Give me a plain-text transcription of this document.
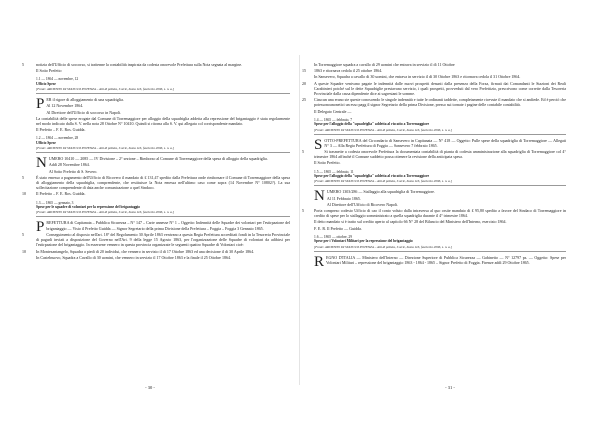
5	notizia dell'Ufficio di soccorso, si trattenne la contabilità inspirata da codesta onorevole Prefettura sulla Nota segnata al margine.

Il Sotto Prefetto

1.1 — 1864 — novembre, 12
Ufficio Spese

[Fonte: ARCHIVIO DI STATO DI POTENZA – Atti di polizia, I serie, busta 116, fascicolo 2096, s. n. a.]

PER il rigore di alloggiamento di una squadriglia.

Al 12 Novembre 1864.

Al Direttore dell'Ufficio di soccorso in Napoli.

La contabilità delle spese erogate dal Comune di Torremaggiore per alloggio della squadriglia addetta alla repressione del brigantaggio è stata regolarmente nel modo indicato dalla S. V. nella nota 28 Ottobre N° 10410. Quindi si ritorna alla S. V. qui allegata col corrispondente mandato.

Il Prefetto – F. E. Ros. Guidda.

1.2 — 1864 — novembre, 28
Ufficio Spese

[Fonte: ARCHIVIO DI STATO DI POTENZA – Atti di polizia, I serie, busta 116, fascicolo 2096, s. n. a.]

NUMERO 10410 — 2085 — IV Divisione – 2° sezione – Rimborso al Comune di Torremaggiore della spesa di alloggio della squadriglia.

Addì 28 Novembre 1864.

Al Sotto Prefetto di S. Severo.

5	È stato emesso a pagamento dell'Ufficio di Ricovero il mandato di £ 131,47 spedito dalla Prefettura onde rimborsare il Comune di Torremaggiore della spesa di alloggiamento della squadriglia, comprendente, che restituisce la Nota emessa nell'ultimo caso come sopra (14 Novembre N° 10802?). La sua sollecitazione comprendente di data anche comunicazione a quel Sindaco.

10	Il Prefetto – F. E. Ros. Guidda.

1.3 — 1865 — gennaio, 3
Spese per le squadre di volontari per la repressione del brigantaggio

[Fonte: ARCHIVIO DI STATO DI POTENZA – Atti di polizia, I serie, busta 116, fascicolo 2096, s. n. a.]

PREFETTURA di Capitanata – Pubblica Sicurezza – N° 147 – Carte annesse N° 1 – Oggetto: Indennità delle Squadre dei volontari per l'estirpazione del brigantaggio — Visto il Prefetto Guidda — Signor Segretario della prima Divisione della Prefettura – Foggia – Foggia 3 Gennaio 1865.

5	Conseguimento al disposto nell'art. 18° del Regolamento 30 Aprile 1863 venivano a questa Regia Prefettura accreditati fondi in la Tesoreria Provinciale di pagarli inviati a disposizione del Governo nell'Art. 9 della legge 15 Agosto 1863, per l'organizzazione delle Squadre di volontari da adibirsi per l'estirpazione del brigantaggio. In essersene vennero in questa provincia organizzate le seguenti quattro Squadre di Volontari cioè:

10	In Montesantangelo, Squadra a piedi di 20 individui, che vennero in servizio il di 17 Ottobre 1863 ed una decisione il di 30 Aprile 1864.

In Castelnuovo, Squadra a Cavallo di 30 uomini, che vennero in servizio il 17 Ottobre 1863 e la finale il 25 Ottobre 1864.

- 30 -

In Torremaggiore squadra a cavallo di 29 uomini che entrava in servizio il dì 11 Ottobre

15 1863 e ritornava cedola il 25 ottobre 1864.

In Sansevero, Squadra a cavallo di 30 uomini, che entrava in servizio il dì 30 Ottobre 1863 e ritornava cedola il 31 Ottobre 1864.

20 A queste Squadre venivano pagate le indennità dalle nuovi prospetti desunti dalla presenza della Forza, firmati dai Comandanti le Stazioni dei Reali Carabinieri poiché sul le dette Squadriglie prestavano servizio, i quali prospetti, provveduti dal vero Prefettizio, prescrivono come corrette dalla Tesoreria Provinciale dalla cassa dipendente dice ai sagrestani le somme.

25 Ciascun una erano ste queste conoscendo le singole indennità e tutte le ordinanti taddette, completamente ricevute il mandato che si andiede. Ed è perciò che potessonoanonetici un esso pagg il signor Segretario della prima Divisione, presso sui tornate i pagine delle contabile contabilità.

Il Delegato Centrale —

1.4 — 1865 — febbraio, 7
Spese per l'alloggio della "squadriglia" addetta al riscatto a Torremaggiore

[Fonte: ARCHIVIO DI STATO DI POTENZA – Atti di polizia, I serie, busta 116, fascicolo 2096, s. n. a.]

SOTTO-PREFETTURA del Circondario di Sansevero in Capitanata — N° 418 — Oggetto: Pulle spese della squadriglia di Torremaggiore — Allegati N° 3 — Alla Regia Prefettura di Foggia — Sansevero 7 febbraio 1865.

5	Si trasmette a codesta onorevole Prefettura la documentata contabilità di pianta di codesta amministrazione alla squadriglia di Torremaggiore col 4° trimestre 1864 affinché il Comune suddetto possa ottenere la revisione della anticipata spesa.

Il Sotto Prefetto.

1.5 — 1865 — febbraio, 11
Spese per l'alloggio della "squadriglia" addetta al riscatto a Torremaggiore

[Fonte: ARCHIVIO DI STATO DI POTENZA – Atti di polizia, I serie, busta 116, fascicolo 2096, s. n. a.]

NUMERO 1303/286 — Stallaggio alla squadriglia di Torremaggiore.

Al 11 Febbraio 1865.

Al Direttore dell'Ufficio di Ricovero Napoli.

5	Porta compreso codesto Ufficio di cao il conto voluto dalla intraversa al quo orsite mandato di £ 95,80 spedito a favore del Sindaco di Torremaggiore in credito di spese per lo stallaggio somministrato a quella squadriglia durante il 4° trimestre 1864.

Il detto mandato si è tratto sul credito aperto al capitolo 66 N° 28 del Bilancio del Ministero dell'Interno, esercizio 1864.

F. E. R. Il Prefetto — Guidda.

1.6 — 1865 — ottobre, 29
Spese per i Volontari Militari per la repressione del brigantaggio

[Fonte: ARCHIVIO DI STATO DI POTENZA – Atti di polizia, I serie, busta 116, fascicolo 2096, s. n. a.]

REGNO D'ITALIA — Ministero dell'Interno — Direzione Superiore di Pubblica Sicurezza — Gabinetto — N° 12797 ps. — Oggetto: Spese per Volontari Militari – repressione del brigantaggio 1863 - 1864 - 1865 – Signor Prefetto di Foggia. Firenze addì 29 Ottobre 1865.

- 31 -
